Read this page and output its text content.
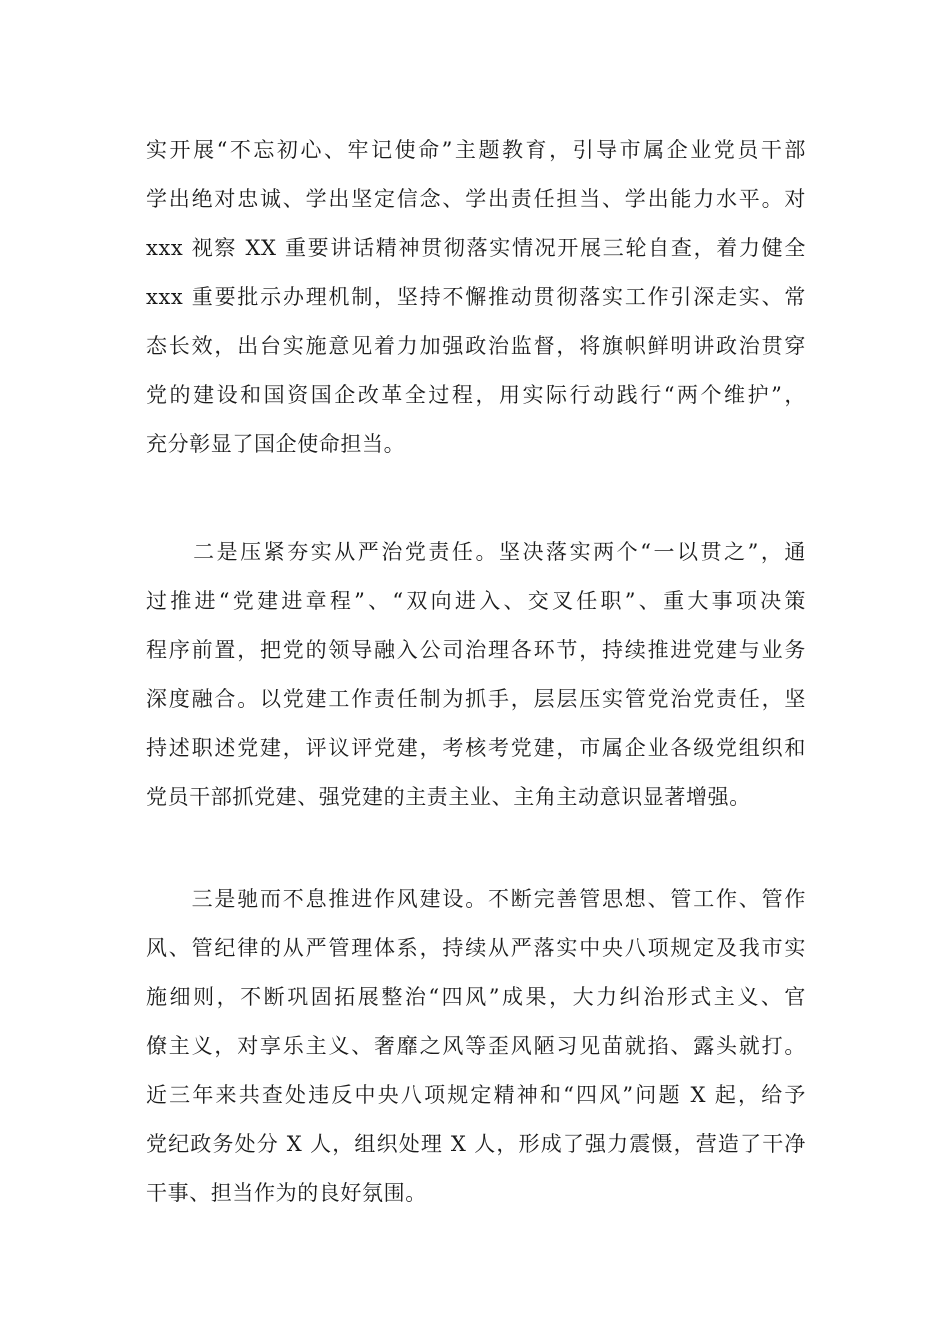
实开展“不忘初心、牢记使命”主题教育，引导市属企业党员干部
学出绝对忠诚、学出坚定信念、学出责任担当、学出能力水平。对
xxx 视察 XX 重要讲话精神贯彻落实情况开展三轮自查，着力健全
xxx 重要批示办理机制，坚持不懈推动贯彻落实工作引深走实、常
态长效，出台实施意见着力加强政治监督，将旗帜鲜明讲政治贯穿
党的建设和国资国企改革全过程，用实际行动践行“两个维护”，
充分彰显了国企使命担当。
　　二是压紧夯实从严治党责任。坚决落实两个“一以贯之”，通
过推进“党建进章程”、“双向进入、交叉任职”、重大事项决策
程序前置，把党的领导融入公司治理各环节，持续推进党建与业务
深度融合。以党建工作责任制为抓手，层层压实管党治党责任，坚
持述职述党建，评议评党建，考核考党建，市属企业各级党组织和
党员干部抓党建、强党建的主责主业、主角主动意识显著增强。
　　三是驰而不息推进作风建设。不断完善管思想、管工作、管作
风、管纪律的从严管理体系，持续从严落实中央八项规定及我市实
施细则，不断巩固拓展整治“四风”成果，大力纠治形式主义、官
僚主义，对享乐主义、奢靡之风等歪风陋习见苗就掐、露头就打。
近三年来共查处违反中央八项规定精神和“四风”问题 X 起，给予
党纪政务处分 X 人，组织处理 X 人，形成了强力震慑，营造了干净
干事、担当作为的良好氛围。
